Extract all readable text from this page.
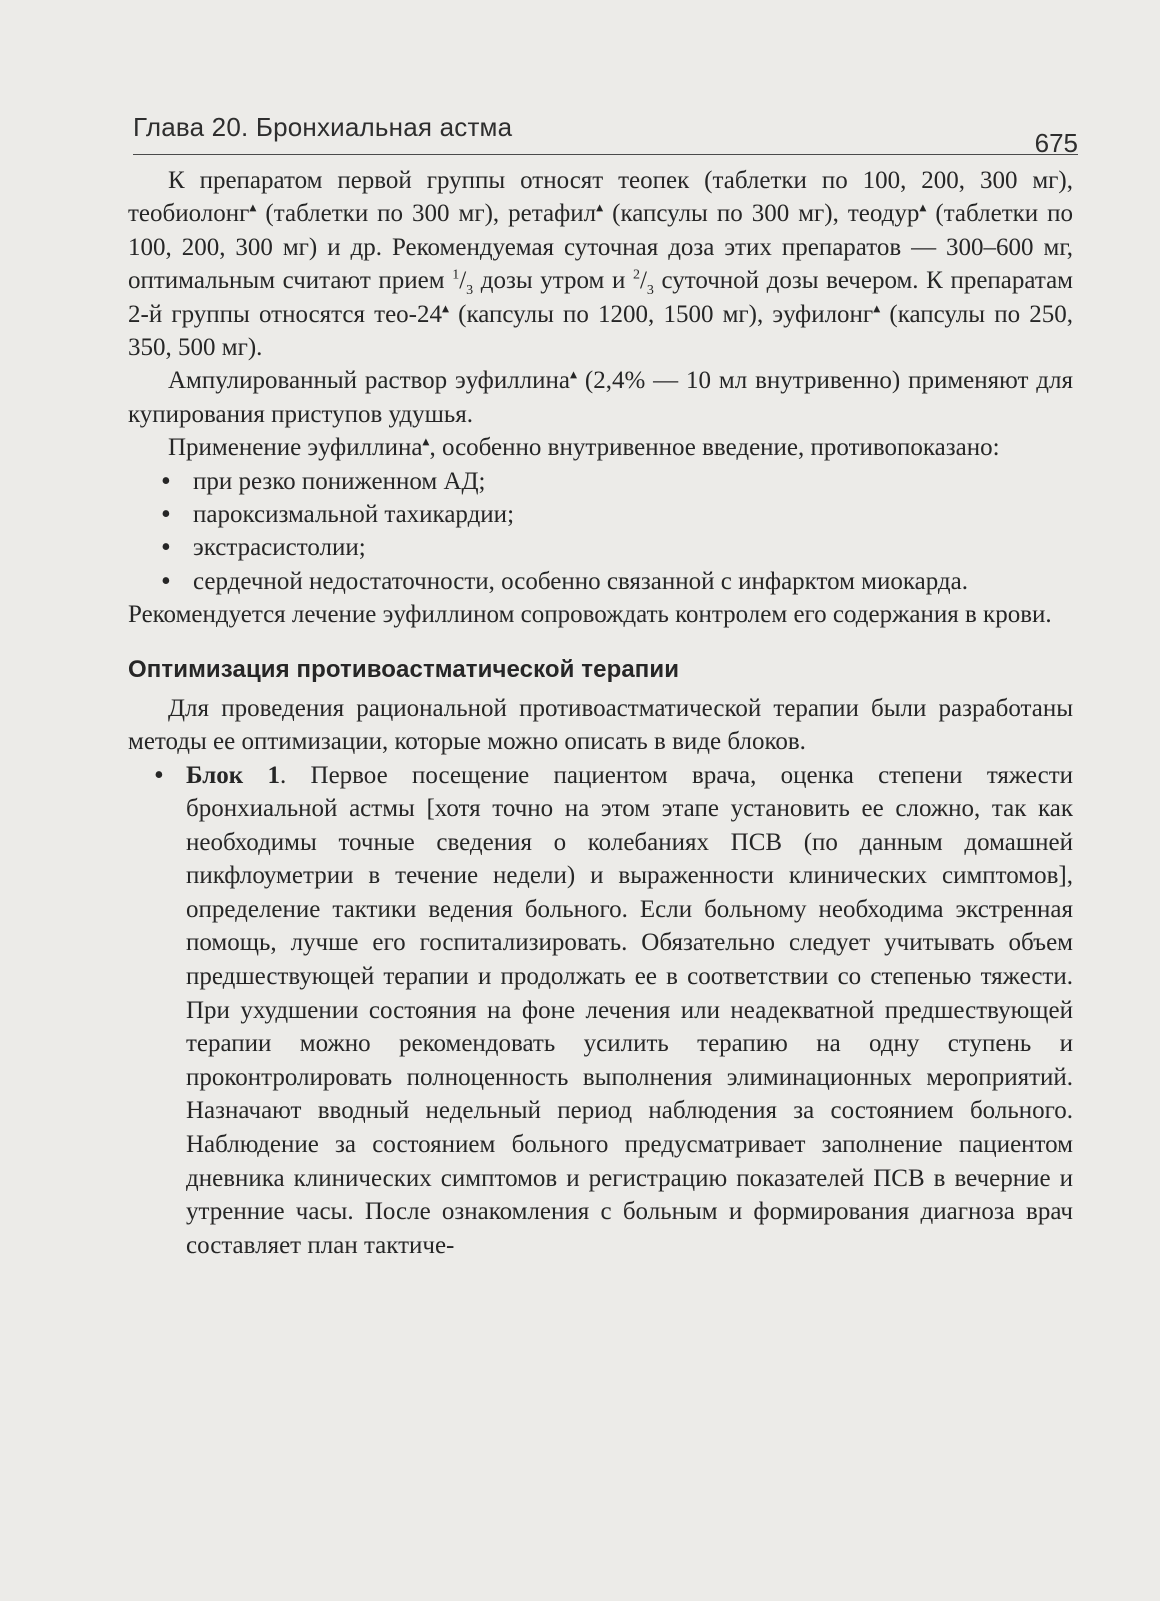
Глава 20. Бронхиальная астма
675

К препаратом первой группы относят теопек (таблетки по 100, 200, 300 мг), теобиолонг▴ (таблетки по 300 мг), ретафил▴ (капсулы по 300 мг), теодур▴ (таблетки по 100, 200, 300 мг) и др. Рекомендуемая суточная доза этих препаратов — 300–600 мг, оптимальным считают прием $^1/_3$ дозы утром и $^2/_3$ суточной дозы вечером. К препаратам 2-й группы относятся тео-24▴ (капсулы по 1200, 1500 мг), эуфилонг▴ (капсулы по 250, 350, 500 мг).

Ампулированный раствор эуфиллина▴ (2,4% — 10 мл внутривенно) применяют для купирования приступов удушья.

Применение эуфиллина▴, особенно внутривенное введение, противопоказано:

• при резко пониженном АД;
• пароксизмальной тахикардии;
• экстрасистолии;
• сердечной недостаточности, особенно связанной с инфарктом миокарда.

Рекомендуется лечение эуфиллином сопровождать контролем его содержания в крови.

Оптимизация противоастматической терапии

Для проведения рациональной противоастматической терапии были разработаны методы ее оптимизации, которые можно описать в виде блоков.

• Блок 1. Первое посещение пациентом врача, оценка степени тяжести бронхиальной астмы [хотя точно на этом этапе установить ее сложно, так как необходимы точные сведения о колебаниях ПСВ (по данным домашней пикфлоуметрии в течение недели) и выраженности клинических симптомов], определение тактики ведения больного. Если больному необходима экстренная помощь, лучше его госпитализировать. Обязательно следует учитывать объем предшествующей терапии и продолжать ее в соответствии со степенью тяжести. При ухудшении состояния на фоне лечения или неадекватной предшествующей терапии можно рекомендовать усилить терапию на одну ступень и проконтролировать полноценность выполнения элиминационных мероприятий. Назначают вводный недельный период наблюдения за состоянием больного. Наблюдение за состоянием больного предусматривает заполнение пациентом дневника клинических симптомов и регистрацию показателей ПСВ в вечерние и утренние часы. После ознакомления с больным и формирования диагноза врач составляет план тактиче-
